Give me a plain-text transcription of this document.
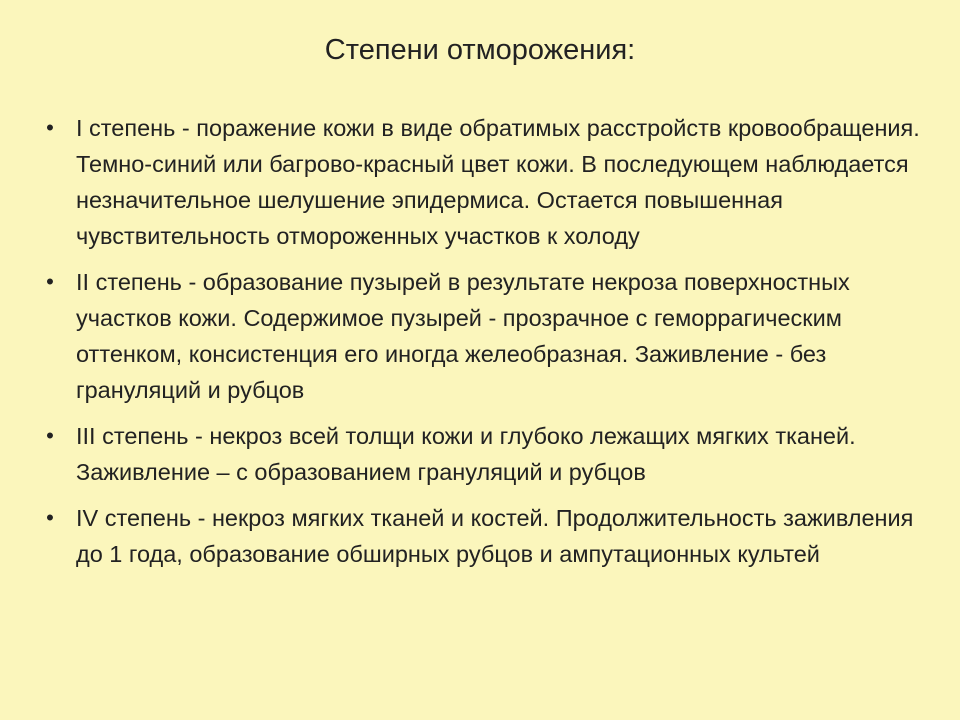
Степени отморожения:
• I степень - поражение кожи в виде обратимых расстройств кровообращения. Темно-синий или багрово-красный цвет кожи. В последующем наблюдается незначительное шелушение эпидермиса. Остается повышенная чувствительность отмороженных участков к холоду
• II степень - образование пузырей в результате некроза поверхностных участков кожи. Содержимое пузырей - прозрачное с геморрагическим оттенком, консистенция его иногда желеобразная. Заживление - без грануляций и рубцов
• III степень - некроз всей толщи кожи и глубоко лежащих мягких тканей. Заживление – с образованием грануляций и рубцов
• IV степень - некроз мягких тканей и костей. Продолжительность заживления до 1 года, образование обширных рубцов и ампутационных культей
